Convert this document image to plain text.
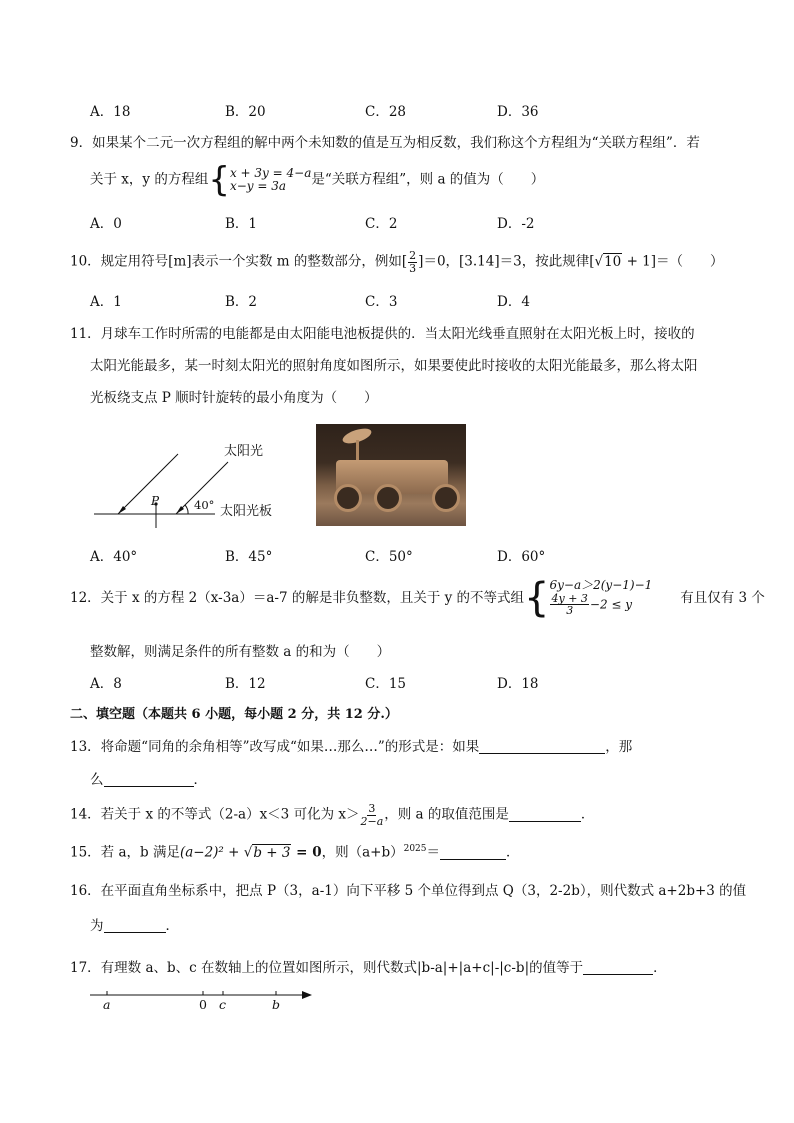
A．18	B．20	C．28	D．36
9．如果某个二元一次方程组的解中两个未知数的值是互为相反数，我们称这个方程组为“关联方程组”．若
关于 x，y 的方程组{ x + 3y = 4−a
x−y = 3a	是“关联方程组”，则 a 的值为（　　）
A．0	B．1	C．2	D．-2
10．规定用符号[m]表示一个实数 m 的整数部分，例如[ $\frac{2}{3} ]=0$，[3.14]＝3，按此规律[√10 + 1]＝（　　）
A．1	B．2	C．3	D．4
11．月球车工作时所需的电能都是由太阳能电池板提供的．当太阳光线垂直照射在太阳光板上时，接收的
太阳光能最多，某一时刻太阳光的照射角度如图所示，如果要使此时接收的太阳光能最多，那么将太阳
光板绕支点 P 顺时针旋转的最小角度为（　　）
P	40°
太阳光
太阳光板
A．40°	B．45°	C．50°	D．60°
12．关于 x 的方程 2（x-3a）＝a-7 的解是非负整数，且关于 y 的不等式组{ 6y−a＞2(y−1)−1
$\frac{4y + 3}{3} -2 \le y$	有且仅有 3 个
整数解，则满足条件的所有整数 a 的和为（　　）
A．8	B．12	C．15	D．18
二、填空题（本题共 6 小题，每小题 2 分，共 12 分.）
13．将命题“同角的余角相等”改写成“如果…那么…”的形式是：如果	，那
么	．
14．若关于 x 的不等式（2-a）x＜3 可化为 $x> \frac{3}{2-a}$ ，则 a 的取值范围是	．
15．若 a，b 满足(a−2)² + √b + 3 = 0，则$(a+b)^{2025}=$	．
16．在平面直角坐标系中，把点 P（3，a-1）向下平移 5 个单位得到点 Q（3，2-2b），则代数式 a+2b+3 的值
为	．
17．有理数 a、b、c 在数轴上的位置如图所示，则代数式|b-a|+|a+c|-|c-b|的值等于	．
a	0 c	b
